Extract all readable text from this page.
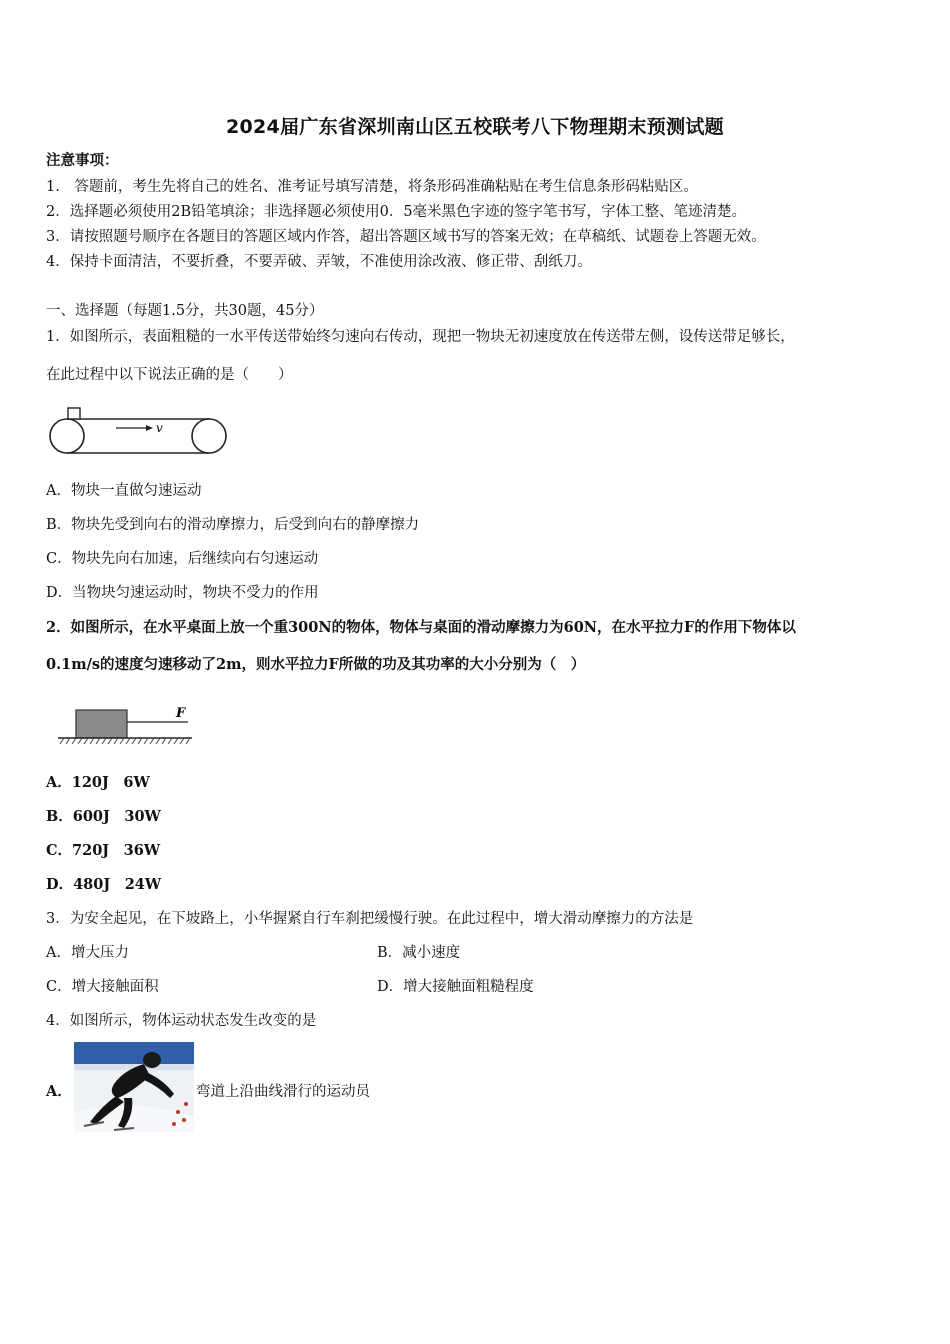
2024届广东省深圳南山区五校联考八下物理期末预测试题
注意事项：
1.　答题前，考生先将自己的姓名、准考证号填写清楚，将条形码准确粘贴在考生信息条形码粘贴区。
2．选择题必须使用2B铅笔填涂；非选择题必须使用0．5毫米黑色字迹的签字笔书写，字体工整、笔迹清楚。
3．请按照题号顺序在各题目的答题区域内作答，超出答题区域书写的答案无效；在草稿纸、试题卷上答题无效。
4．保持卡面清洁，不要折叠，不要弄破、弄皱，不准使用涂改液、修正带、刮纸刀。
一、选择题（每题1.5分，共30题，45分）
1．如图所示，表面粗糙的一水平传送带始终匀速向右传动，现把一物块无初速度放在传送带左侧，设传送带足够长，
在此过程中以下说法正确的是（　　）
v
A．物块一直做匀速运动
B．物块先受到向右的滑动摩擦力，后受到向右的静摩擦力
C．物块先向右加速，后继续向右匀速运动
D．当物块匀速运动时，物块不受力的作用
2．如图所示，在水平桌面上放一个重300N的物体，物体与桌面的滑动摩擦力为60N，在水平拉力F的作用下物体以
0.1m/s的速度匀速移动了2m，则水平拉力F所做的功及其功率的大小分别为（　）
F
A．120J　6W
B．600J　30W
C．720J　36W
D．480J　24W
3．为安全起见，在下坡路上，小华握紧自行车刹把缓慢行驶。在此过程中，增大滑动摩擦力的方法是
A．增大压力	B．减小速度
C．增大接触面积	D．增大接触面粗糙程度
4．如图所示，物体运动状态发生改变的是
A．	弯道上沿曲线滑行的运动员
